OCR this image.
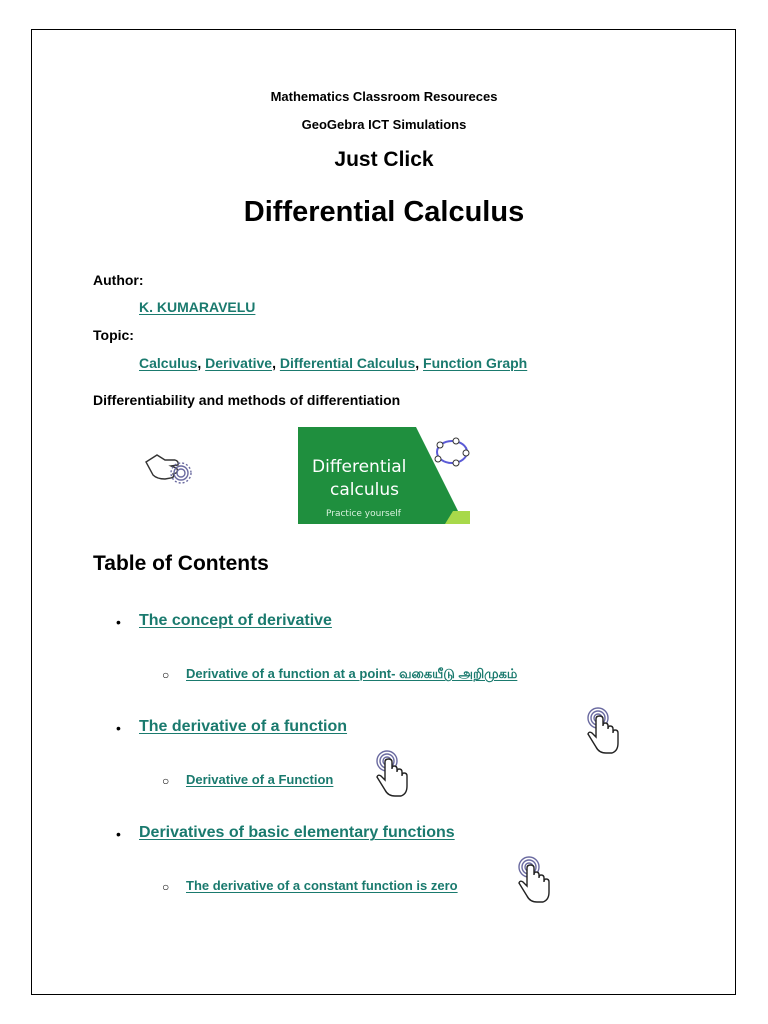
Mathematics Classroom Resoureces
GeoGebra ICT Simulations
Just Click
Differential Calculus
Author:
K. KUMARAVELU
Topic:
Calculus, Derivative, Differential Calculus, Function Graph
Differentiability and methods of differentiation
Differential
calculus
Practice yourself
Table of Contents
• The concept of derivative
○ Derivative of a function at a point- வகையீடு அறிமுகம்
• The derivative of a function
○ Derivative of a Function
• Derivatives of basic elementary functions
○ The derivative of a constant function is zero
